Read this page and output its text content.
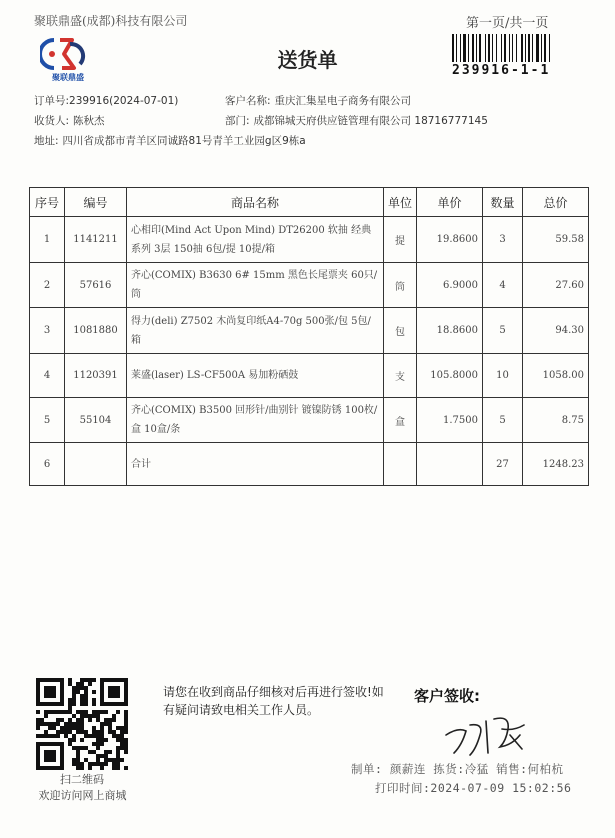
聚联鼎盛(成都)科技有限公司	第一页/共一页
聚联鼎盛
送货单	239916-1-1
订单号:239916(2024-07-01)	客户名称: 重庆汇集星电子商务有限公司
收货人: 陈秋杰	部门: 成都锦城天府供应链管理有限公司 18716777145
地址: 四川省成都市青羊区同诚路81号青羊工业园g区9栋a
序号	编号	商品名称	单位	单价	数量	总价
1	1141211	心相印(Mind Act Upon Mind) DT26200 软抽 经典系列 3层 150抽 6包/提 10提/箱	提	19.8600	3	59.58
2	57616	齐心(COMIX) B3630 6# 15mm 黑色长尾票夹 60只/筒	筒	6.9000	4	27.60
3	1081880	得力(deli) Z7502 木尚复印纸A4-70g 500张/包 5包/箱	包	18.8600	5	94.30
4	1120391	莱盛(laser) LS-CF500A 易加粉硒鼓	支	105.8000	10	1058.00
5	55104	齐心(COMIX) B3500 回形针/曲别针 镀镍防锈 100枚/盒 10盒/条	盒	1.7500	5	8.75
6		合计			27	1248.23
扫二维码
欢迎访问网上商城
请您在收到商品仔细核对后再进行签收!如有疑问请致电相关工作人员。
客户签收:
制单: 颜薪连 拣货:冷猛 销售:何柏杭
打印时间:2024-07-09 15:02:56
